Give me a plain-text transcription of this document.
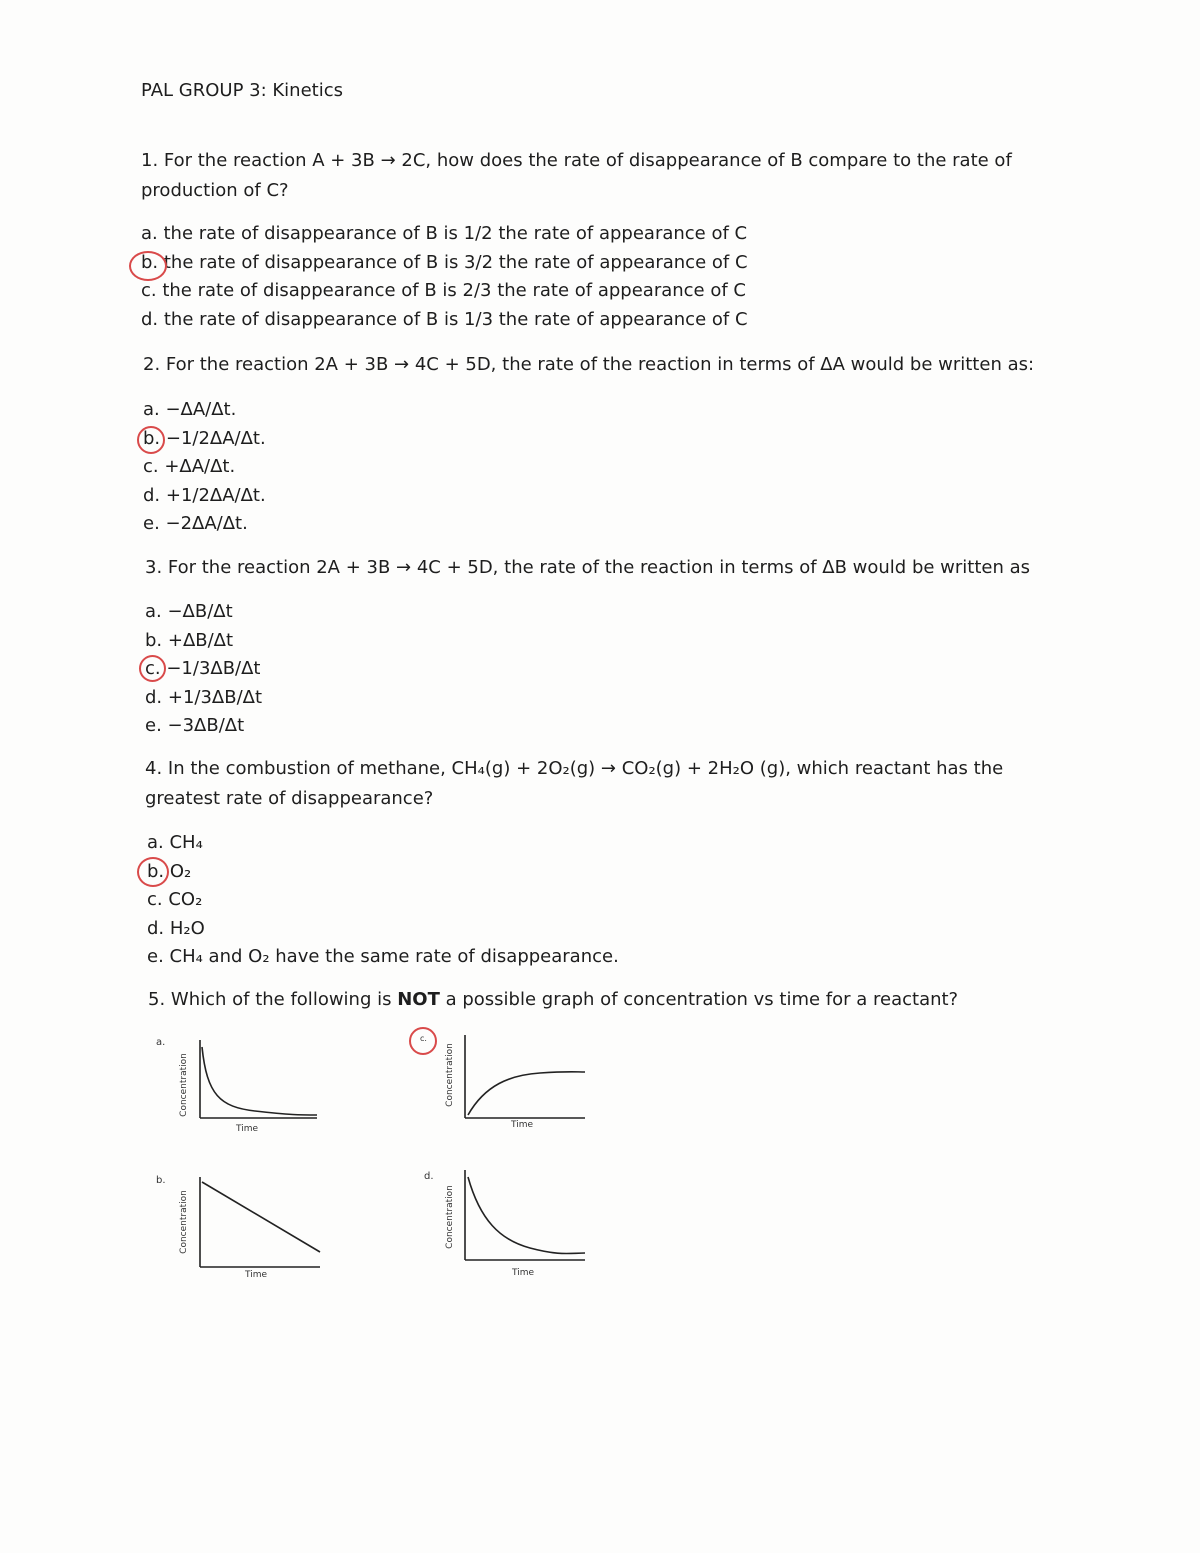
PAL GROUP 3: Kinetics
1. For the reaction A + 3B → 2C, how does the rate of disappearance of B compare to the rate of production of C?
a. the rate of disappearance of B is 1/2 the rate of appearance of C
b. the rate of disappearance of B is 3/2 the rate of appearance of C
c. the rate of disappearance of B is 2/3 the rate of appearance of C
d. the rate of disappearance of B is 1/3 the rate of appearance of C
2. For the reaction 2A + 3B → 4C + 5D, the rate of the reaction in terms of ΔA would be written as:
a. −ΔA/Δt.
b. −1/2ΔA/Δt.
c. +ΔA/Δt.
d. +1/2ΔA/Δt.
e. −2ΔA/Δt.
3. For the reaction 2A + 3B → 4C + 5D, the rate of the reaction in terms of ΔB would be written as
a. −ΔB/Δt
b. +ΔB/Δt
c. −1/3ΔB/Δt
d. +1/3ΔB/Δt
e. −3ΔB/Δt
4. In the combustion of methane, CH₄(g) + 2O₂(g) → CO₂(g) + 2H₂O (g), which reactant has the greatest rate of disappearance?
a. CH₄
b. O₂
c. CO₂
d. H₂O
e. CH₄ and O₂ have the same rate of disappearance.
5. Which of the following is NOT a possible graph of concentration vs time for a reactant?
a.
Time
Concentration
b.
Time
Concentration
c.
Time
Concentration
d.
Time
Concentration
